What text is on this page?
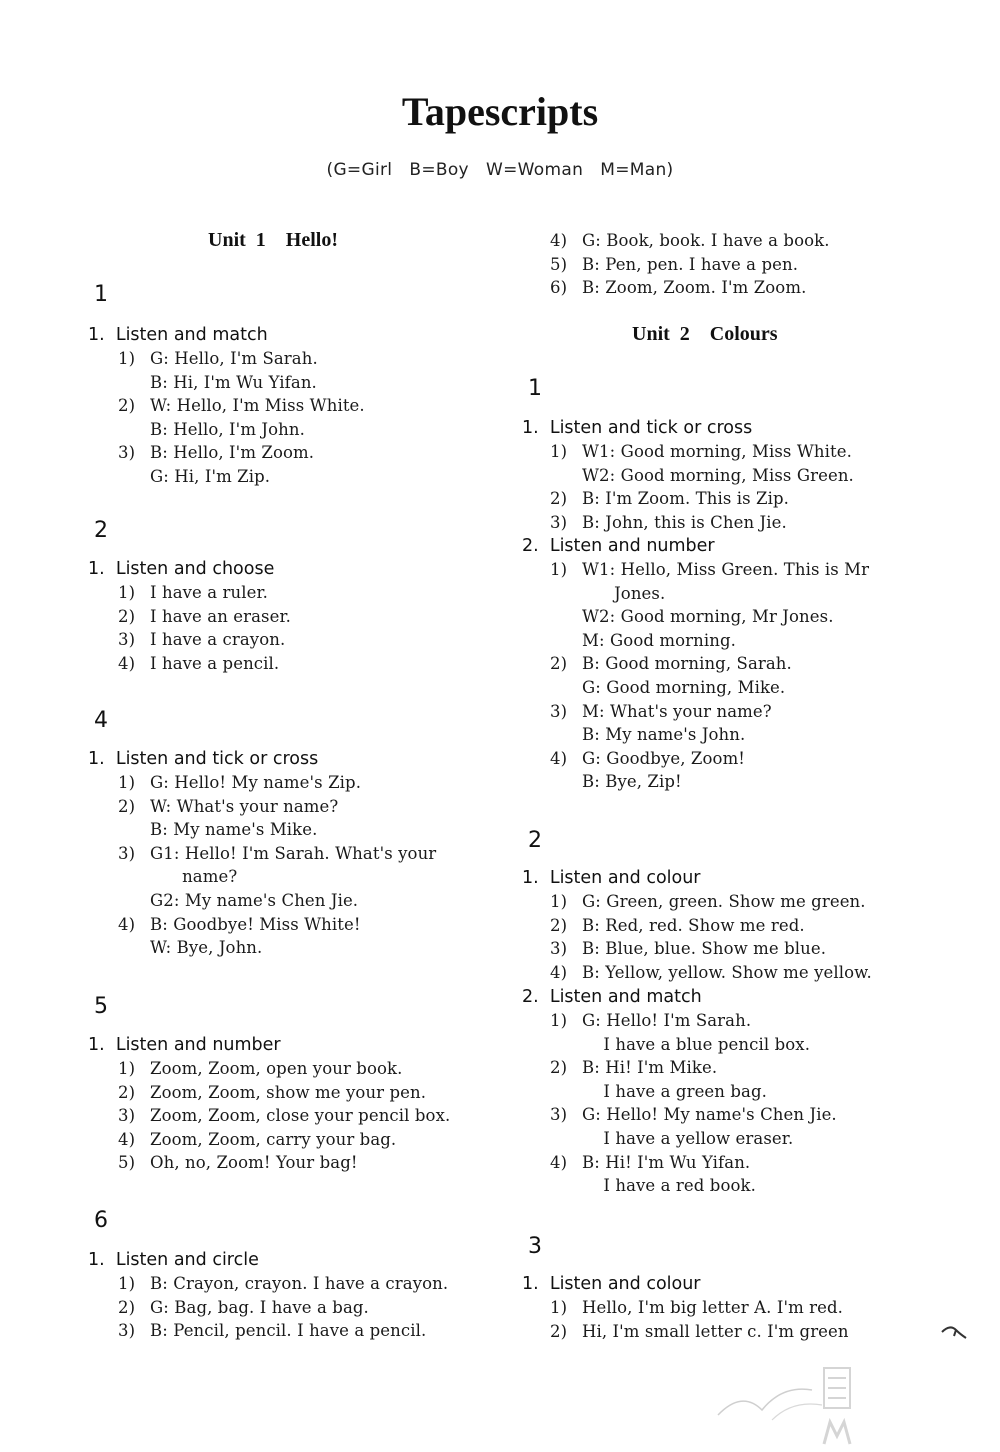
Tapescripts
(G=Girl   B=Boy   W=Woman   M=Man)
Unit  1    Hello!
1
1.  Listen and match
1) G: Hello, I'm Sarah.
B: Hi, I'm Wu Yifan.
2) W: Hello, I'm Miss White.
B: Hello, I'm John.
3) B: Hello, I'm Zoom.
G: Hi, I'm Zip.
2
1.  Listen and choose
1) I have a ruler.
2) I have an eraser.
3) I have a crayon.
4) I have a pencil.
4
1.  Listen and tick or cross
1) G: Hello! My name's Zip.
2) W: What's your name?
B: My name's Mike.
3) G1: Hello! I'm Sarah. What's your
name?
G2: My name's Chen Jie.
4) B: Goodbye! Miss White!
W: Bye, John.
5
1.  Listen and number
1) Zoom, Zoom, open your book.
2) Zoom, Zoom, show me your pen.
3) Zoom, Zoom, close your pencil box.
4) Zoom, Zoom, carry your bag.
5) Oh, no, Zoom! Your bag!
6
1.  Listen and circle
1) B: Crayon, crayon. I have a crayon.
2) G: Bag, bag. I have a bag.
3) B: Pencil, pencil. I have a pencil.
4) G: Book, book. I have a book.
5) B: Pen, pen. I have a pen.
6) B: Zoom, Zoom. I'm Zoom.
Unit  2    Colours
1
1.  Listen and tick or cross
1) W1: Good morning, Miss White.
W2: Good morning, Miss Green.
2) B: I'm Zoom. This is Zip.
3) B: John, this is Chen Jie.
2.  Listen and number
1) W1: Hello, Miss Green. This is Mr
Jones.
W2: Good morning, Mr Jones.
M: Good morning.
2) B: Good morning, Sarah.
G: Good morning, Mike.
3) M: What's your name?
B: My name's John.
4) G: Goodbye, Zoom!
B: Bye, Zip!
2
1.  Listen and colour
1) G: Green, green. Show me green.
2) B: Red, red. Show me red.
3) B: Blue, blue. Show me blue.
4) B: Yellow, yellow. Show me yellow.
2.  Listen and match
1) G: Hello! I'm Sarah.
I have a blue pencil box.
2) B: Hi! I'm Mike.
I have a green bag.
3) G: Hello! My name's Chen Jie.
I have a yellow eraser.
4) B: Hi! I'm Wu Yifan.
I have a red book.
3
1.  Listen and colour
1) Hello, I'm big letter A. I'm red.
2) Hi, I'm small letter c. I'm green
